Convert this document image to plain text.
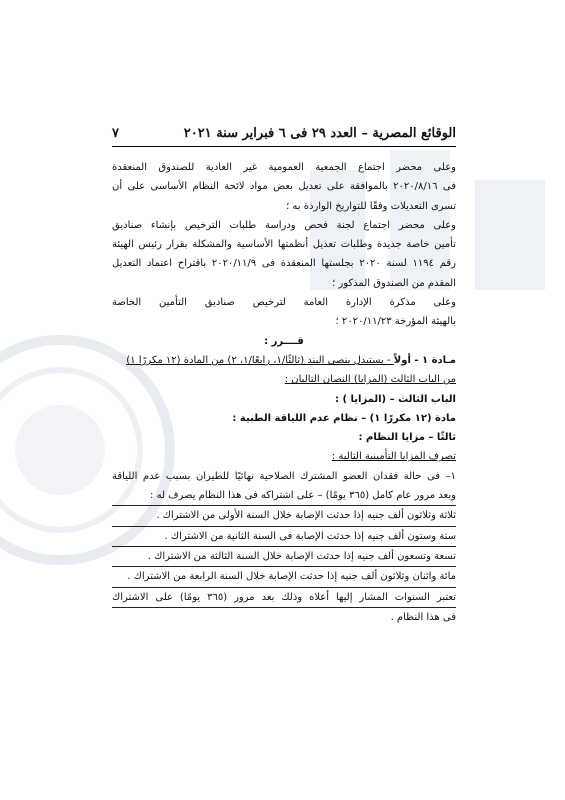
الوقائع المصرية – العدد ٢٩ فى ٦ فبراير سنة ٢٠٢١
٧
وعلى محضر اجتماع الجمعية العمومية غير العادية للصندوق المنعقدة
فى ٢٠٢٠/٨/١٦ بالموافقة على تعديل بعض مواد لائحة النظام الأساسى على أن
تسرى التعديلات وفقًا للتواريخ الواردة به ؛
وعلى محضر اجتماع لجنة فحص ودراسة طلبات الترخيص بإنشاء صناديق
تأمين خاصة جديدة وطلبات تعديل أنظمتها الأساسية والمشكلة بقرار رئيس الهيئة
رقم ١١٩٤ لسنة ٢٠٢٠ بجلستها المنعقدة فى ٢٠٢٠/١١/٩ باقتراح اعتماد التعديل
المقدم من الصندوق المذكور ؛
وعلى مذكرة الإدارة العامة لترخيص صناديق التأمين الخاصة
بالهيئة المؤرخة ٢٠٢٠/١١/٢٣ ؛
قــــرر :
مـادة ١ - أولاً - يستبدل بنصى البند (ثالثًا/١، رابعًا/١، ٢) من المادة (١٢ مكررًا ١)
من الباب الثالث (المزايا) النصان التاليان :
الباب الثالث – (المزايا ) :
مادة (١٢ مكررًا ١) – نظام عدم اللياقة الطبية :
ثالثًا – مزايا النظام :
تصرف المزايا التأمينية التالية :
١– فى حالة فقدان العضو المشترك الصلاحية نهائيًا للطيران بسبب عدم اللياقة
وبعد مرور عام كامل (٣٦٥ يومًا) – على اشتراكه فى هذا النظام يصرف له :
ثلاثة وثلاثون ألف جنيه إذا حدثت الإصابة خلال السنة الأولى من الاشتراك .
ستة وستون ألف جنيه إذا حدثت الإصابة فى السنة الثانية من الاشتراك .
تسعة وتسعون ألف جنيه إذا حدثت الإصابة خلال السنة الثالثة من الاشتراك .
مائة واثنان وثلاثون ألف جنيه إذا حدثت الإصابة خلال السنة الرابعة من الاشتراك .
تعتبر السنوات المشار إليها أعلاه وذلك بعد مرور (٣٦٥ يومًا) على الاشتراك
فى هذا النظام .
